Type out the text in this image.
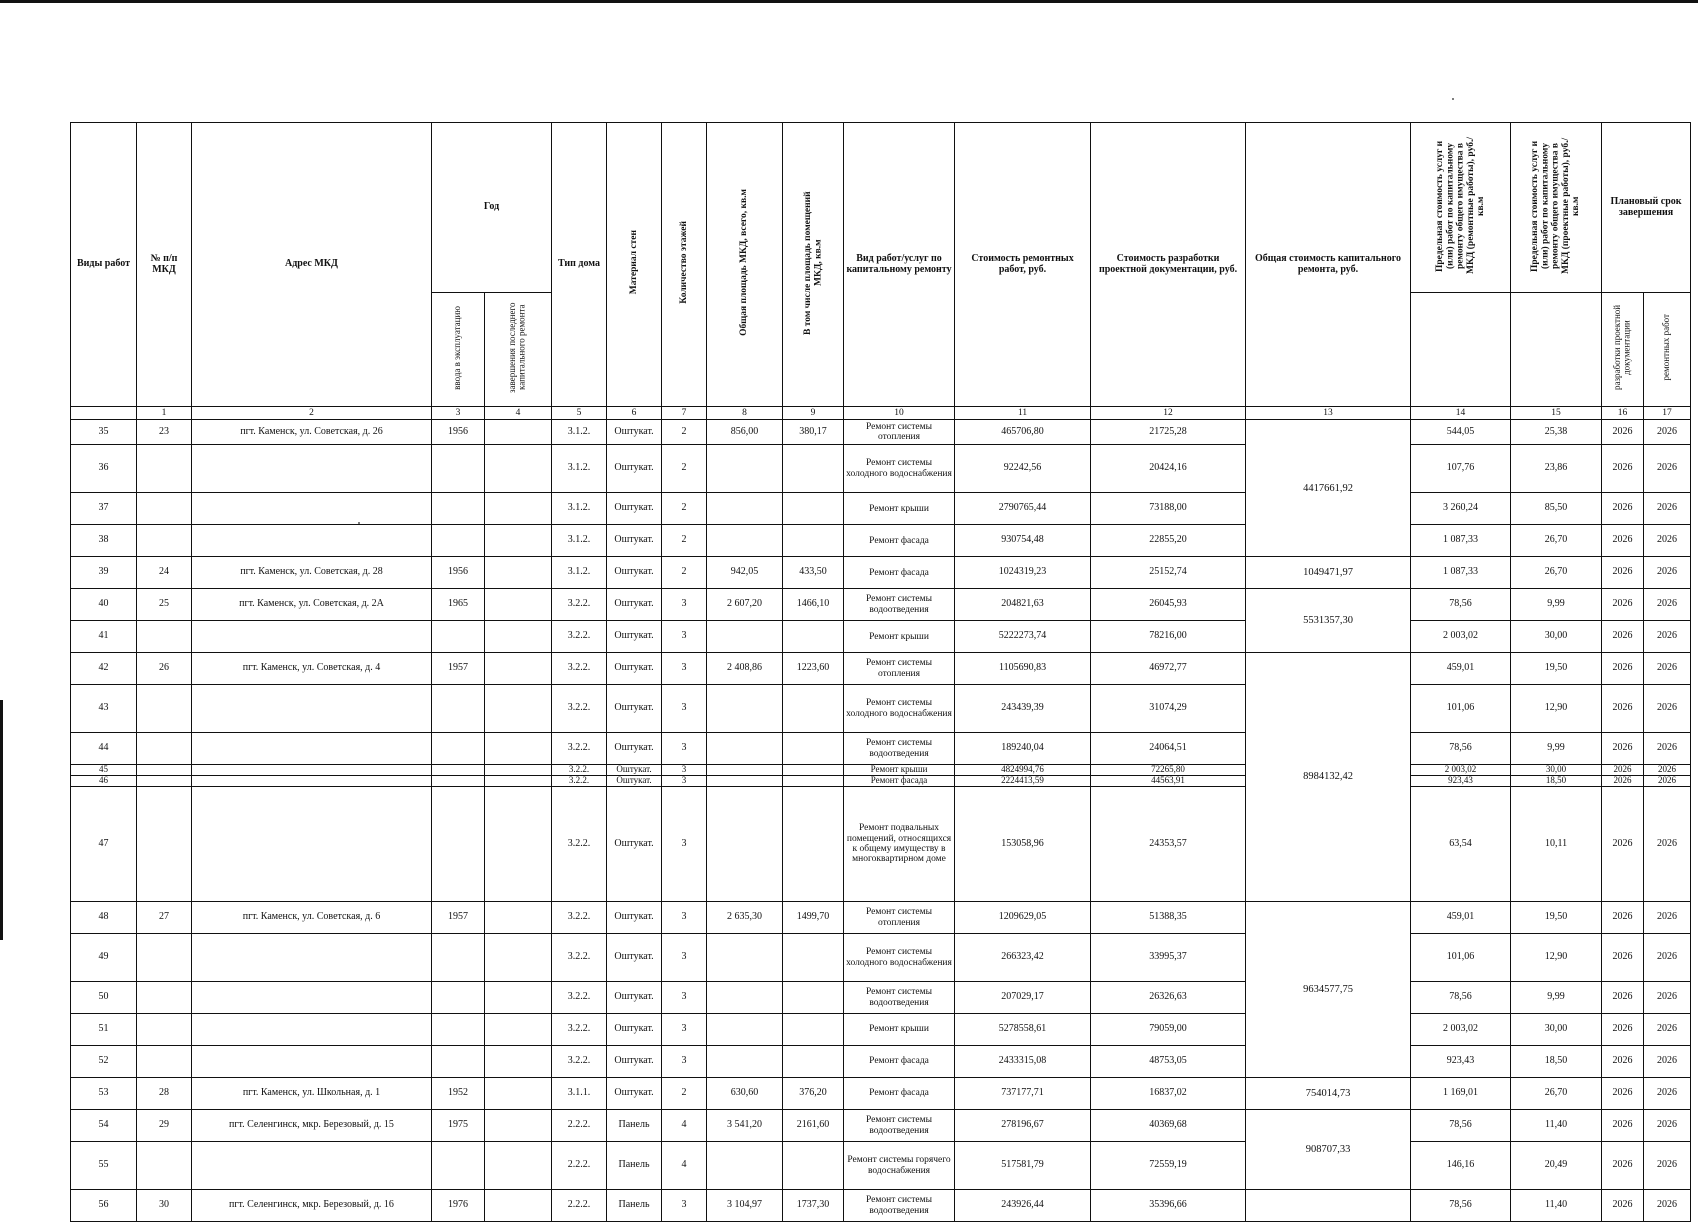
Виды работ	№ п/п МКД	Адрес МКД	Год		Тип дома	Материал стен	Количество этажей	Общая площадь МКД, всего, кв.м	В том числе площадь помещений МКД, кв.м	Вид работ/услуг по капитальному ремонту	Стоимость ремонтных работ, руб.	Стоимость разработки проектной документации, руб.	Общая стоимость капитального ремонта, руб.	Предельная стоимость услуг и (или) работ по капитальному ремонту общего имущества в МКД (ремонтные работы), руб./кв.м	Предельная стоимость услуг и (или) работ по капитальному ремонту общего имущества в МКД (проектные работы), руб./кв.м	Плановый срок завершения	
			ввода в эксплуатацию	завершения последнего капитального ремонта												разработки проектной документации	ремонтных работ
	1	2	3	4	5	6	7	8	9	10	11	12	13	14	15	16	17
35	23	пгт. Каменск, ул. Советская, д. 26	1956		3.1.2.	Оштукат.	2	856,00	380,17	Ремонт системы отопления	465706,80	21725,28	4417661,92	544,05	25,38	2026	2026
36					3.1.2.	Оштукат.	2			Ремонт системы холодного водоснабжения	92242,56	20424,16		107,76	23,86	2026	2026
37					3.1.2.	Оштукат.	2			Ремонт крыши	2790765,44	73188,00		3 260,24	85,50	2026	2026
38					3.1.2.	Оштукат.	2			Ремонт фасада	930754,48	22855,20		1 087,33	26,70	2026	2026
39	24	пгт. Каменск, ул. Советская, д. 28	1956		3.1.2.	Оштукат.	2	942,05	433,50	Ремонт фасада	1024319,23	25152,74	1049471,97	1 087,33	26,70	2026	2026
40	25	пгт. Каменск, ул. Советская, д. 2А	1965		3.2.2.	Оштукат.	3	2 607,20	1466,10	Ремонт системы водоотведения	204821,63	26045,93	5531357,30	78,56	9,99	2026	2026
41					3.2.2.	Оштукат.	3			Ремонт крыши	5222273,74	78216,00		2 003,02	30,00	2026	2026
42	26	пгт. Каменск, ул. Советская, д. 4	1957		3.2.2.	Оштукат.	3	2 408,86	1223,60	Ремонт системы отопления	1105690,83	46972,77	8984132,42	459,01	19,50	2026	2026
43					3.2.2.	Оштукат.	3			Ремонт системы холодного водоснабжения	243439,39	31074,29		101,06	12,90	2026	2026
44					3.2.2.	Оштукат.	3			Ремонт системы водоотведения	189240,04	24064,51		78,56	9,99	2026	2026
45					3.2.2.	Оштукат.	3			Ремонт крыши	4824994,76	72265,80		2 003,02	30,00	2026	2026
46					3.2.2.	Оштукат.	3			Ремонт фасада	2224413,59	44563,91		923,43	18,50	2026	2026
47					3.2.2.	Оштукат.	3			Ремонт подвальных помещений, относящихся к общему имуществу в многоквартирном доме	153058,96	24353,57		63,54	10,11	2026	2026
48	27	пгт. Каменск, ул. Советская, д. 6	1957		3.2.2.	Оштукат.	3	2 635,30	1499,70	Ремонт системы отопления	1209629,05	51388,35	9634577,75	459,01	19,50	2026	2026
49					3.2.2.	Оштукат.	3			Ремонт системы холодного водоснабжения	266323,42	33995,37		101,06	12,90	2026	2026
50					3.2.2.	Оштукат.	3			Ремонт системы водоотведения	207029,17	26326,63		78,56	9,99	2026	2026
51					3.2.2.	Оштукат.	3			Ремонт крыши	5278558,61	79059,00		2 003,02	30,00	2026	2026
52					3.2.2.	Оштукат.	3			Ремонт фасада	2433315,08	48753,05		923,43	18,50	2026	2026
53	28	пгт. Каменск, ул. Школьная, д. 1	1952		3.1.1.	Оштукат.	2	630,60	376,20	Ремонт фасада	737177,71	16837,02	754014,73	1 169,01	26,70	2026	2026
54	29	пгт. Селенгинск, мкр. Березовый, д. 15	1975		2.2.2.	Панель	4	3 541,20	2161,60	Ремонт системы водоотведения	278196,67	40369,68	908707,33	78,56	11,40	2026	2026
55					2.2.2.	Панель	4			Ремонт системы горячего водоснабжения	517581,79	72559,19		146,16	20,49	2026	2026
56	30	пгт. Селенгинск, мкр. Березовый, д. 16	1976		2.2.2.	Панель	3	3 104,97	1737,30	Ремонт системы водоотведения	243926,44	35396,66		78,56	11,40	2026	2026
